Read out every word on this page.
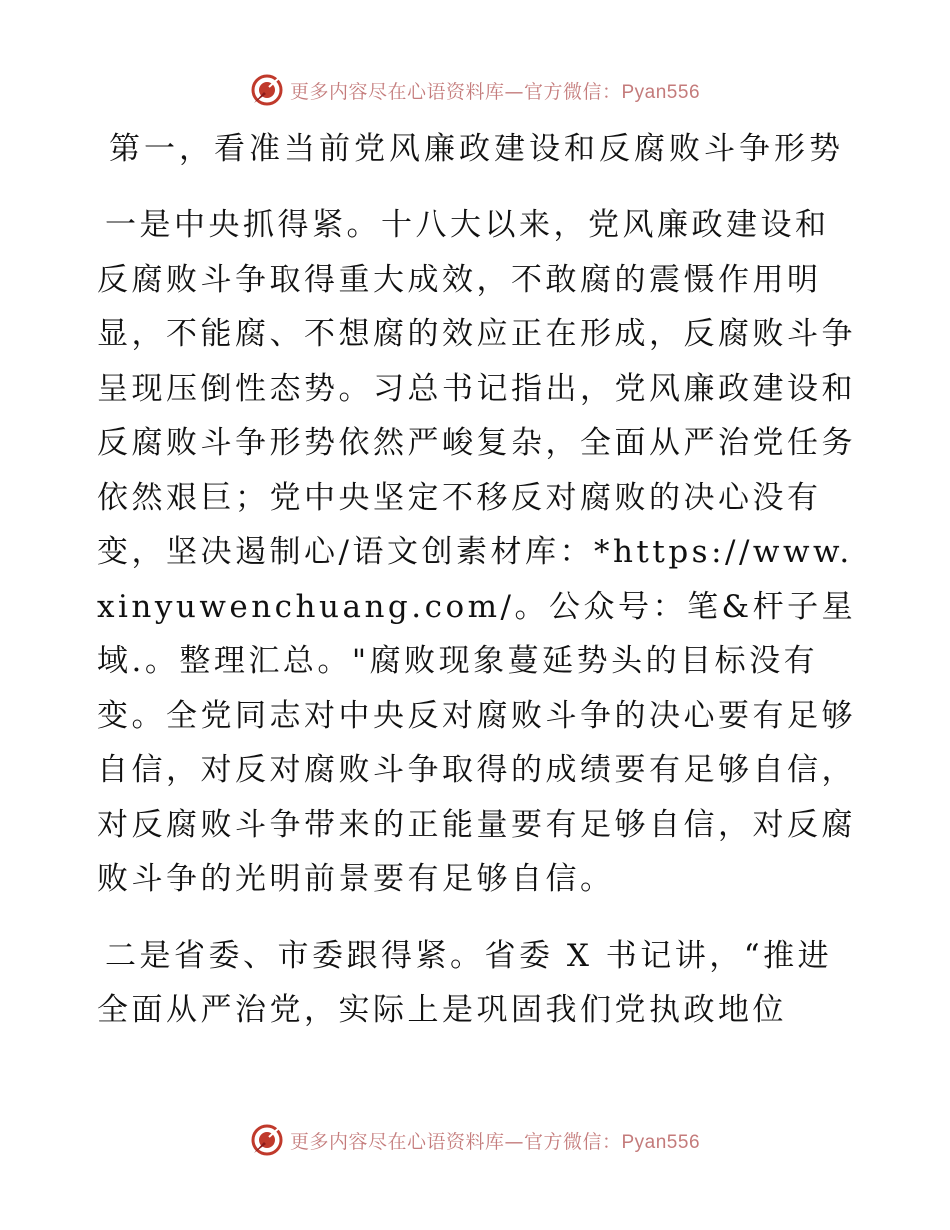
更多内容尽在心语资料库—官方微信：Pyan556
第一，看准当前党风廉政建设和反腐败斗争形势

一是中央抓得紧。十八大以来，党风廉政建设和反腐败斗争取得重大成效，不敢腐的震慑作用明显，不能腐、不想腐的效应正在形成，反腐败斗争呈现压倒性态势。习总书记指出，党风廉政建设和反腐败斗争形势依然严峻复杂，全面从严治党任务依然艰巨；党中央坚定不移反对腐败的决心没有变，坚决遏制心/语文创素材库：*https://www.xinyuwenchuang.com/。公众号：笔&杆子星域.。整理汇总。"腐败现象蔓延势头的目标没有变。全党同志对中央反对腐败斗争的决心要有足够自信，对反对腐败斗争取得的成绩要有足够自信，对反腐败斗争带来的正能量要有足够自信，对反腐败斗争的光明前景要有足够自信。

二是省委、市委跟得紧。省委 X 书记讲，“推进全面从严治党，实际上是巩固我们党执政地位

更多内容尽在心语资料库—官方微信：Pyan556
